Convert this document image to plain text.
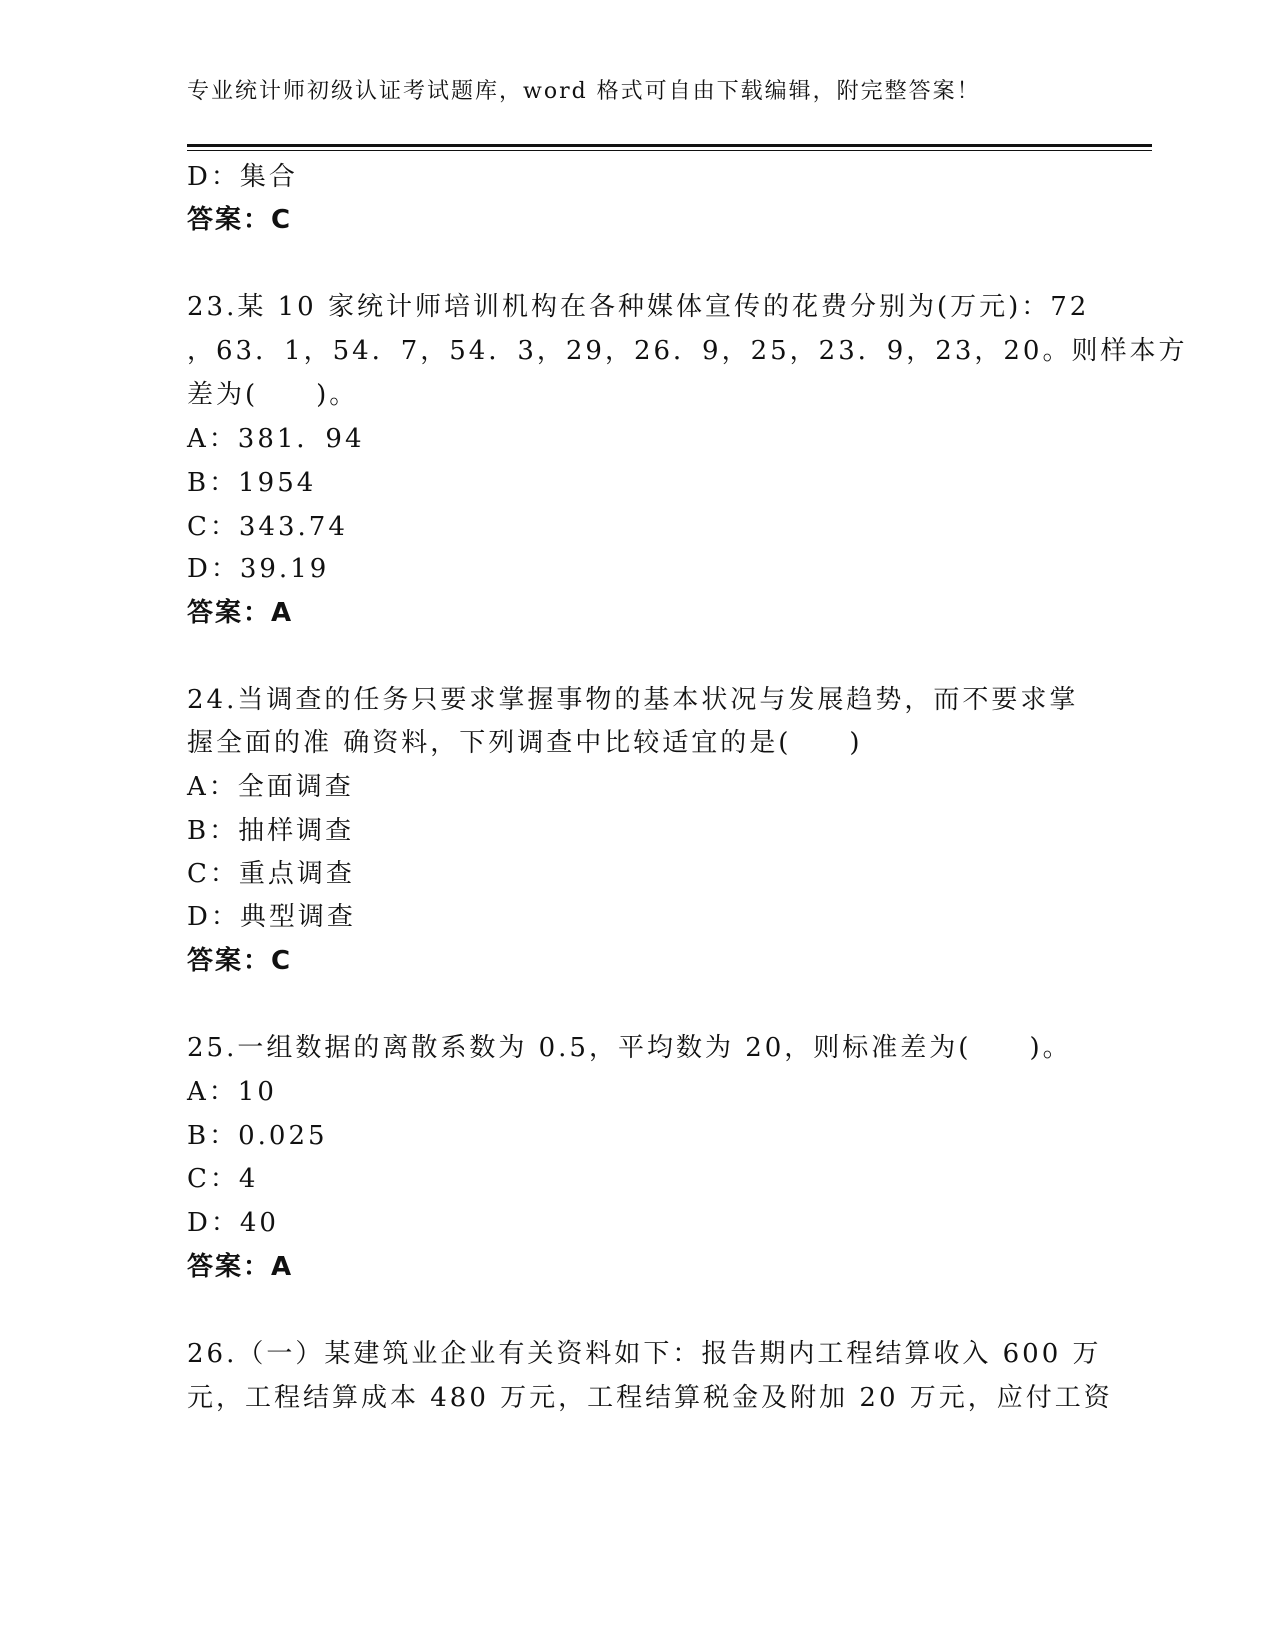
专业统计师初级认证考试题库，word 格式可自由下载编辑，附完整答案！
D：集合
答案：C
23.某 10 家统计师培训机构在各种媒体宣传的花费分别为(万元)：72
，63．1，54．7，54．3，29，26．9，25，23．9，23，20。则样本方
差为(　　)。
A：381．94
B：1954
C：343.74
D：39.19
答案：A
24.当调查的任务只要求掌握事物的基本状况与发展趋势，而不要求掌
握全面的准 确资料，下列调查中比较适宜的是(　　)
A：全面调查
B：抽样调查
C：重点调查
D：典型调查
答案：C
25.一组数据的离散系数为 0.5，平均数为 20，则标准差为(　　)。
A：10
B：0.025
C：4
D：40
答案：A
26.（一）某建筑业企业有关资料如下：报告期内工程结算收入 600 万
元，工程结算成本 480 万元，工程结算税金及附加 20 万元，应付工资
